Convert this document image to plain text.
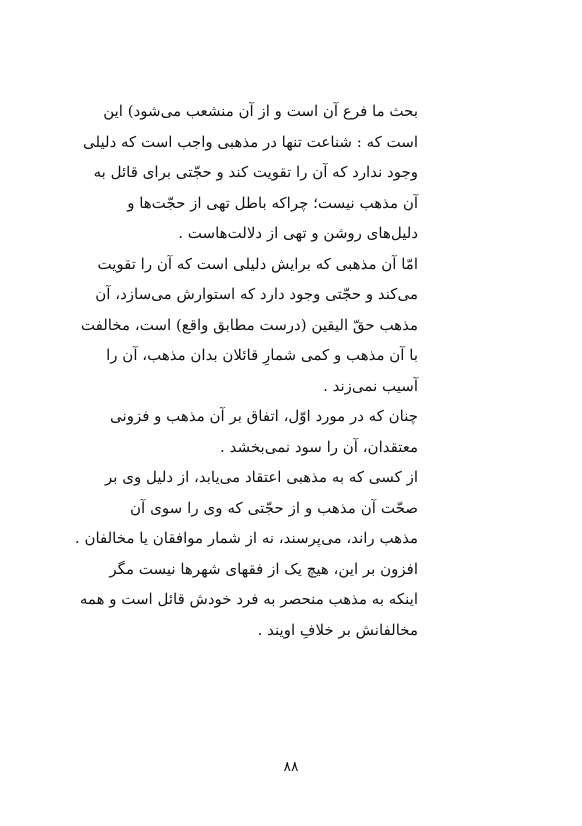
بحث ما فرع آن است و از آن منشعب می‌شود) این
است که : شناعت تنها در مذهبی واجب است که دلیلی
وجود ندارد که آن را تقویت کند و حجّتی برای قائل به
آن مذهب نیست؛ چراکه باطل تهی از حجّت‌ها و
دلیل‌های روشن و تهی از دلالت‌هاست .
امّا آن مذهبی که برایش دلیلی است که آن را تقویت
می‌کند و حجّتی وجود دارد که استوارش می‌سازد، آن
مذهب حقّ الیقین (درست مطابق واقع) است، مخالفت
با آن مذهب و کمی شمارِ قائلان بدان مذهب، آن را
آسیب نمی‌زند .
چنان که در مورد اوّل، اتفاق بر آن مذهب و فزونی
معتقدان، آن را سود نمی‌بخشد .
از کسی که به مذهبی اعتقاد می‌یابد، از دلیل وی بر
صحّت آن مذهب و از حجّتی که وی را سوی آن
مذهب راند، می‌پرسند، نه از شمار موافقان یا مخالفان .
افزون بر این، هیچ یک از فقهای شهرها نیست مگر
اینکه به مذهب منحصر به فرد خودش قائل است و همه
مخالفانش بر خلافِ اویند .
۸۸
